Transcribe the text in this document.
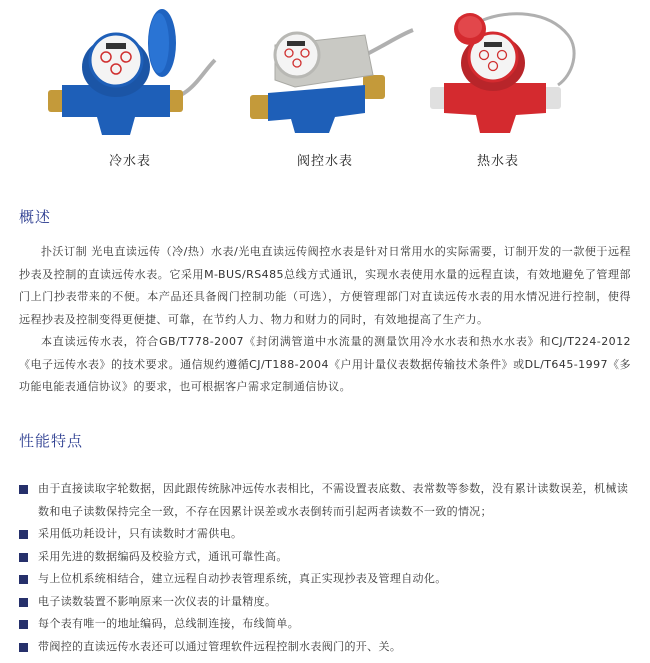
冷水表	阀控水表	热水表
概述

扑沃订制 光电直读远传（冷/热）水表/光电直读远传阀控水表是针对日常用水的实际需要，订制开发的一款便于远程抄表及控制的直读远传水表。它采用M-BUS/RS485总线方式通讯，实现水表使用水量的远程直读，有效地避免了管理部门上门抄表带来的不便。本产品还具备阀门控制功能（可选），方便管理部门对直读远传水表的用水情况进行控制，使得远程抄表及控制变得更便捷、可靠，在节约人力、物力和财力的同时，有效地提高了生产力。

本直读远传水表，符合GB/T778-2007《封闭满管道中水流量的测量饮用冷水水表和热水水表》和CJ/T224-2012《电子远传水表》的技术要求。通信规约遵循CJ/T188-2004《户用计量仪表数据传输技术条件》或DL/T645-1997《多功能电能表通信协议》的要求，也可根据客户需求定制通信协议。

性能特点
由于直接读取字轮数据，因此跟传统脉冲远传水表相比，不需设置表底数、表常数等参数，没有累计读数误差，机械读数和电子读数保持完全一致，不存在因累计误差或水表倒转而引起两者读数不一致的情况；
采用低功耗设计，只有读数时才需供电。
采用先进的数据编码及校验方式，通讯可靠性高。
与上位机系统相结合，建立远程自动抄表管理系统，真正实现抄表及管理自动化。
电子读数装置不影响原来一次仪表的计量精度。
每个表有唯一的地址编码，总线制连接，布线简单。
带阀控的直读远传水表还可以通过管理软件远程控制水表阀门的开、关。
